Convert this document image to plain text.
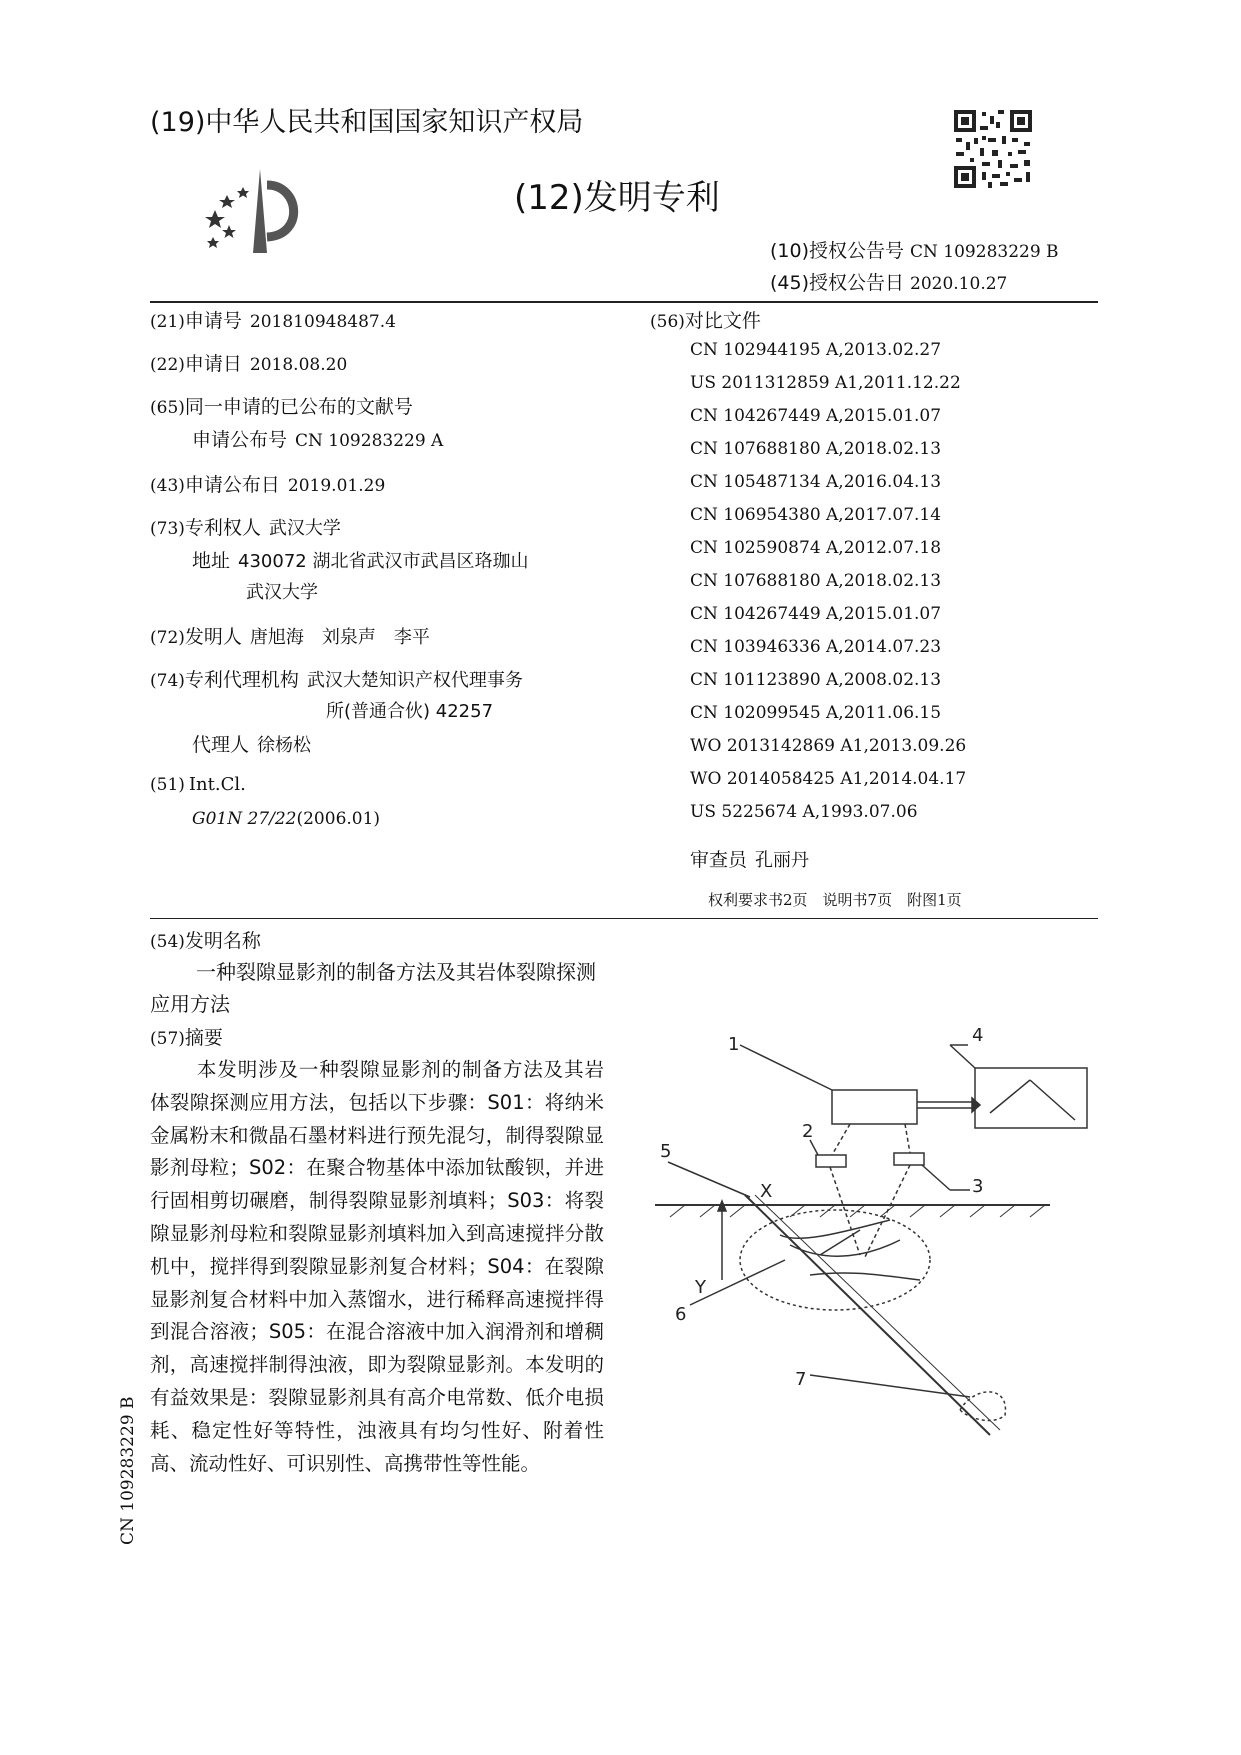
(19)中华人民共和国国家知识产权局
(12)发明专利
(10)授权公告号 CN 109283229 B
(45)授权公告日 2020.10.27
(21)申请号 201810948487.4
(22)申请日 2018.08.20
(65)同一申请的已公布的文献号
申请公布号 CN 109283229 A
(43)申请公布日 2019.01.29
(73)专利权人 武汉大学
地址 430072 湖北省武汉市武昌区珞珈山
武汉大学
(72)发明人 唐旭海　刘泉声　李平
(74)专利代理机构 武汉大楚知识产权代理事务
所(普通合伙) 42257
代理人 徐杨松
(51) Int.Cl.
G01N 27/22(2006.01)
(56)对比文件
CN 102944195 A,2013.02.27
US 2011312859 A1,2011.12.22
CN 104267449 A,2015.01.07
CN 107688180 A,2018.02.13
CN 105487134 A,2016.04.13
CN 106954380 A,2017.07.14
CN 102590874 A,2012.07.18
CN 107688180 A,2018.02.13
CN 104267449 A,2015.01.07
CN 103946336 A,2014.07.23
CN 101123890 A,2008.02.13
CN 102099545 A,2011.06.15
WO 2013142869 A1,2013.09.26
WO 2014058425 A1,2014.04.17
US 5225674 A,1993.07.06
审查员 孔丽丹
权利要求书2页　说明书7页　附图1页
(54)发明名称
一种裂隙显影剂的制备方法及其岩体裂隙探测应用方法
(57)摘要
本发明涉及一种裂隙显影剂的制备方法及其岩体裂隙探测应用方法，包括以下步骤：S01：将纳米金属粉末和微晶石墨材料进行预先混匀，制得裂隙显影剂母粒；S02：在聚合物基体中添加钛酸钡，并进行固相剪切碾磨，制得裂隙显影剂填料；S03：将裂隙显影剂母粒和裂隙显影剂填料加入到高速搅拌分散机中，搅拌得到裂隙显影剂复合材料；S04：在裂隙显影剂复合材料中加入蒸馏水，进行稀释高速搅拌得到混合溶液；S05：在混合溶液中加入润滑剂和增稠剂，高速搅拌制得浊液，即为裂隙显影剂。本发明的有益效果是：裂隙显影剂具有高介电常数、低介电损耗、稳定性好等特性，浊液具有均匀性好、附着性高、流动性好、可识别性、高携带性等性能。
1
2
3
4
5
6
7
X
Y
CN 109283229 B
